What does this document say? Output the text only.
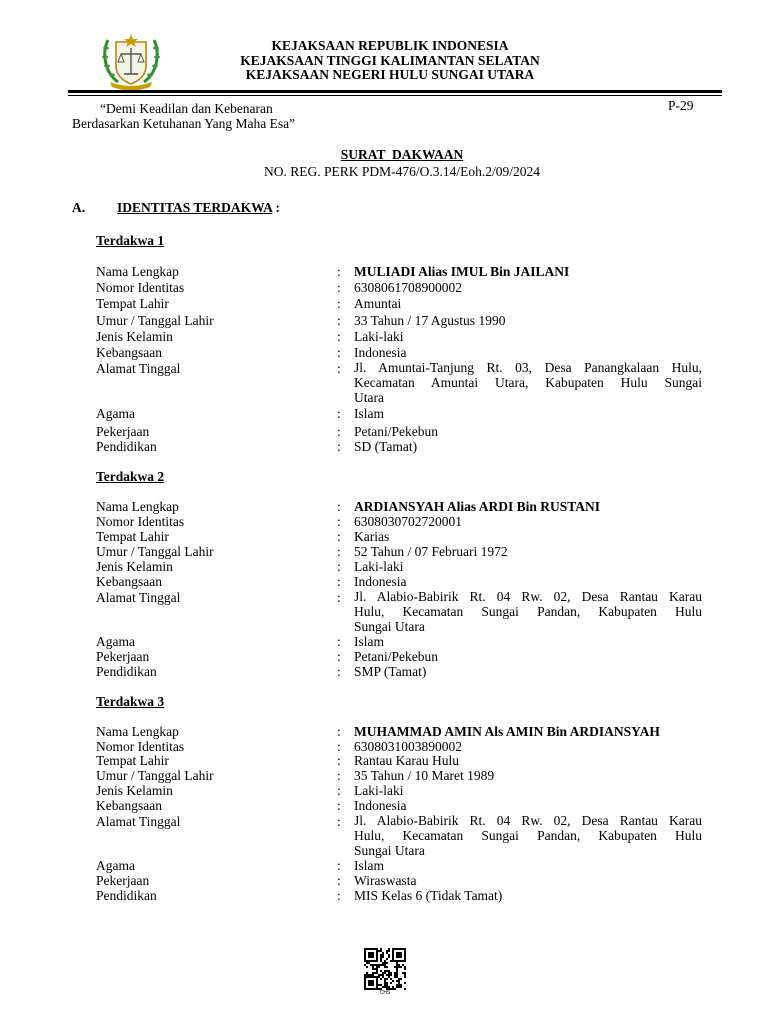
KEJAKSAAN REPUBLIK INDONESIA
KEJAKSAAN TINGGI KALIMANTAN SELATAN
KEJAKSAAN NEGERI HULU SUNGAI UTARA
“Demi Keadilan dan Kebenaran
Berdasarkan Ketuhanan Yang Maha Esa”
P-29
SURAT  DAKWAAN
NO. REG. PERK PDM-476/O.3.14/Eoh.2/09/2024
A. IDENTITAS TERDAKWA :
Terdakwa 1
Nama Lengkap	: MULIADI Alias IMUL Bin JAILANI
Nomor Identitas	: 6308061708900002
Tempat Lahir	: Amuntai
Umur / Tanggal Lahir	: 33 Tahun / 17 Agustus 1990
Jenis Kelamin	: Laki-laki
Kebangsaan	: Indonesia
Alamat Tinggal	: Jl. Amuntai-Tanjung Rt. 03, Desa Panangkalaan Hulu,
Kecamatan Amuntai Utara, Kabupaten Hulu Sungai
Utara
Agama	: Islam
Pekerjaan	: Petani/Pekebun
Pendidikan	: SD (Tamat)
Terdakwa 2
Nama Lengkap	: ARDIANSYAH Alias ARDI Bin RUSTANI
Nomor Identitas	: 6308030702720001
Tempat Lahir	: Karias
Umur / Tanggal Lahir	: 52 Tahun / 07 Februari 1972
Jenis Kelamin	: Laki-laki
Kebangsaan	: Indonesia
Alamat Tinggal	: Jl. Alabio-Babirik Rt. 04 Rw. 02, Desa Rantau Karau
Hulu, Kecamatan Sungai Pandan, Kabupaten Hulu
Sungai Utara
Agama	: Islam
Pekerjaan	: Petani/Pekebun
Pendidikan	: SMP (Tamat)
Terdakwa 3
Nama Lengkap	: MUHAMMAD AMIN Als AMIN Bin ARDIANSYAH
Nomor Identitas	: 6308031003890002
Tempat Lahir	: Rantau Karau Hulu
Umur / Tanggal Lahir	: 35 Tahun / 10 Maret 1989
Jenis Kelamin	: Laki-laki
Kebangsaan	: Indonesia
Alamat Tinggal	: Jl. Alabio-Babirik Rt. 04 Rw. 02, Desa Rantau Karau
Hulu, Kecamatan Sungai Pandan, Kabupaten Hulu
Sungai Utara
Agama	: Islam
Pekerjaan	: Wiraswasta
Pendidikan	: MIS Kelas 6 (Tidak Tamat)
CHS
